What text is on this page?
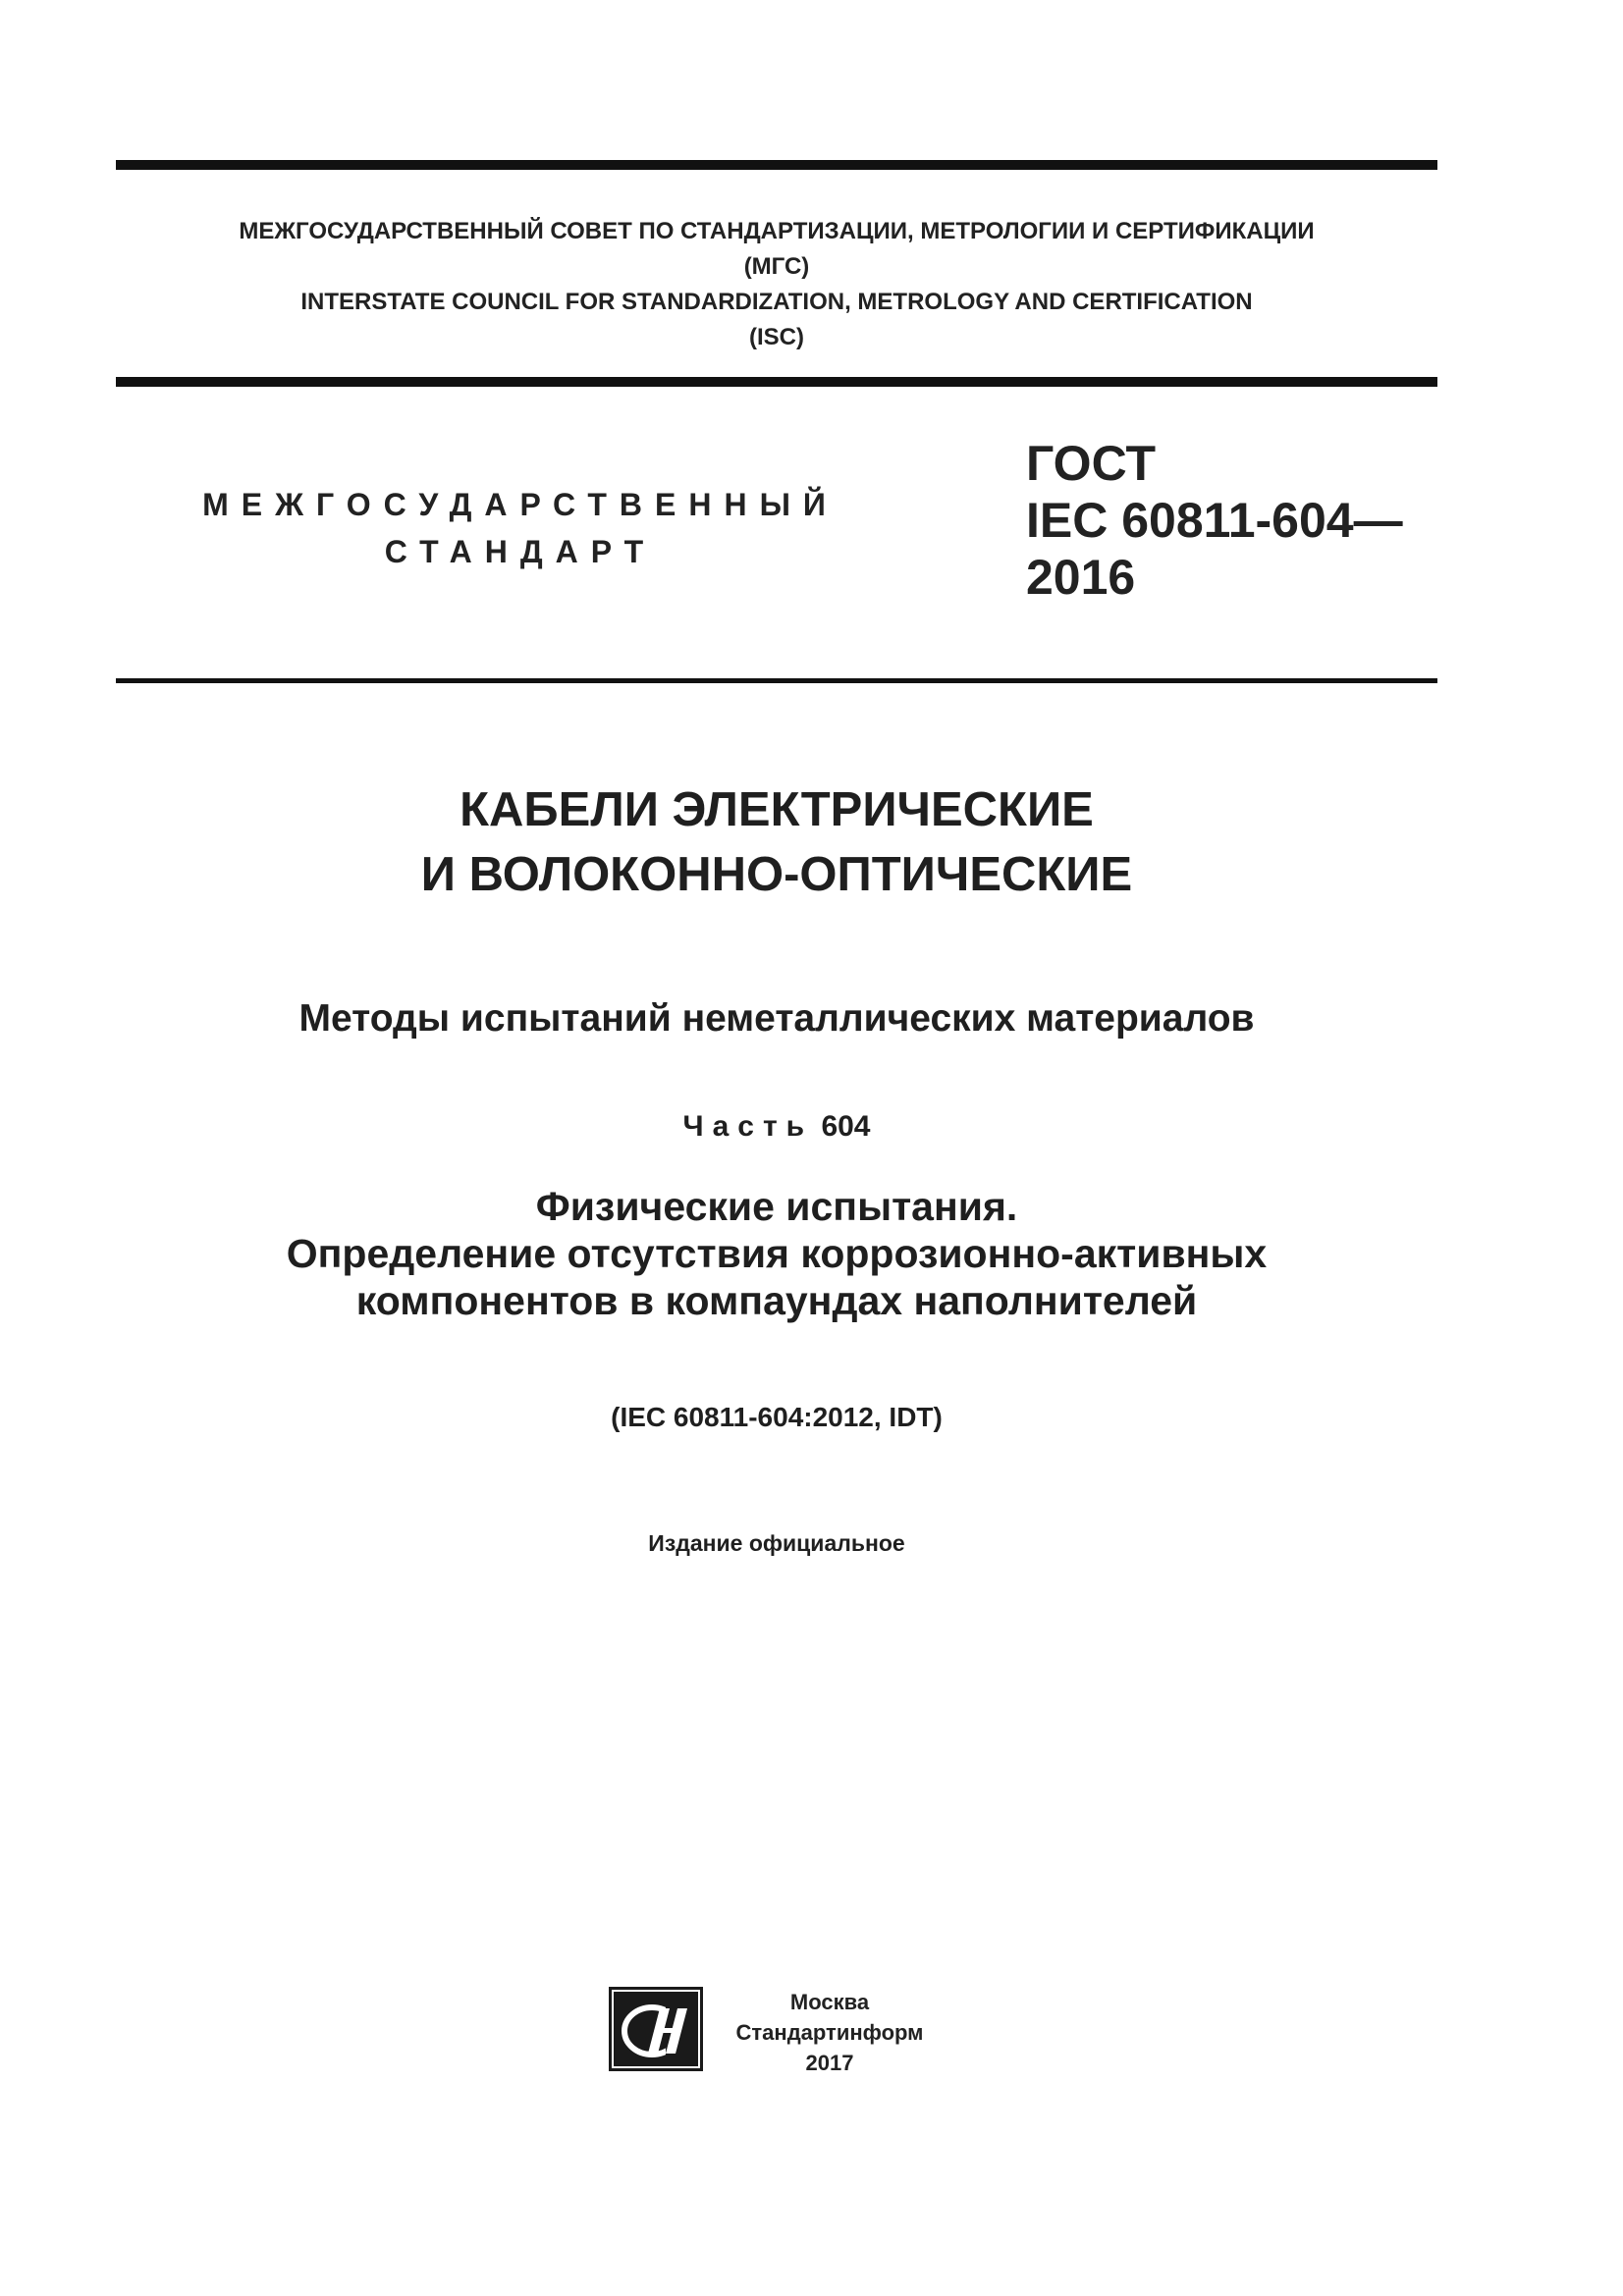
МЕЖГОСУДАРСТВЕННЫЙ СОВЕТ ПО СТАНДАРТИЗАЦИИ, МЕТРОЛОГИИ И СЕРТИФИКАЦИИ
(МГС)
INTERSTATE COUNCIL FOR STANDARDIZATION, METROLOGY AND CERTIFICATION
(ISC)
МЕЖГОСУДАРСТВЕННЫЙ
СТАНДАРТ
ГОСТ
IEC 60811-604—
2016
КАБЕЛИ ЭЛЕКТРИЧЕСКИЕ
И ВОЛОКОННО-ОПТИЧЕСКИЕ
Методы испытаний неметаллических материалов
Часть 604
Физические испытания.
Определение отсутствия коррозионно-активных
компонентов в компаундах наполнителей
(IEC 60811-604:2012, IDT)
Издание официальное
Москва
Стандартинформ
2017
